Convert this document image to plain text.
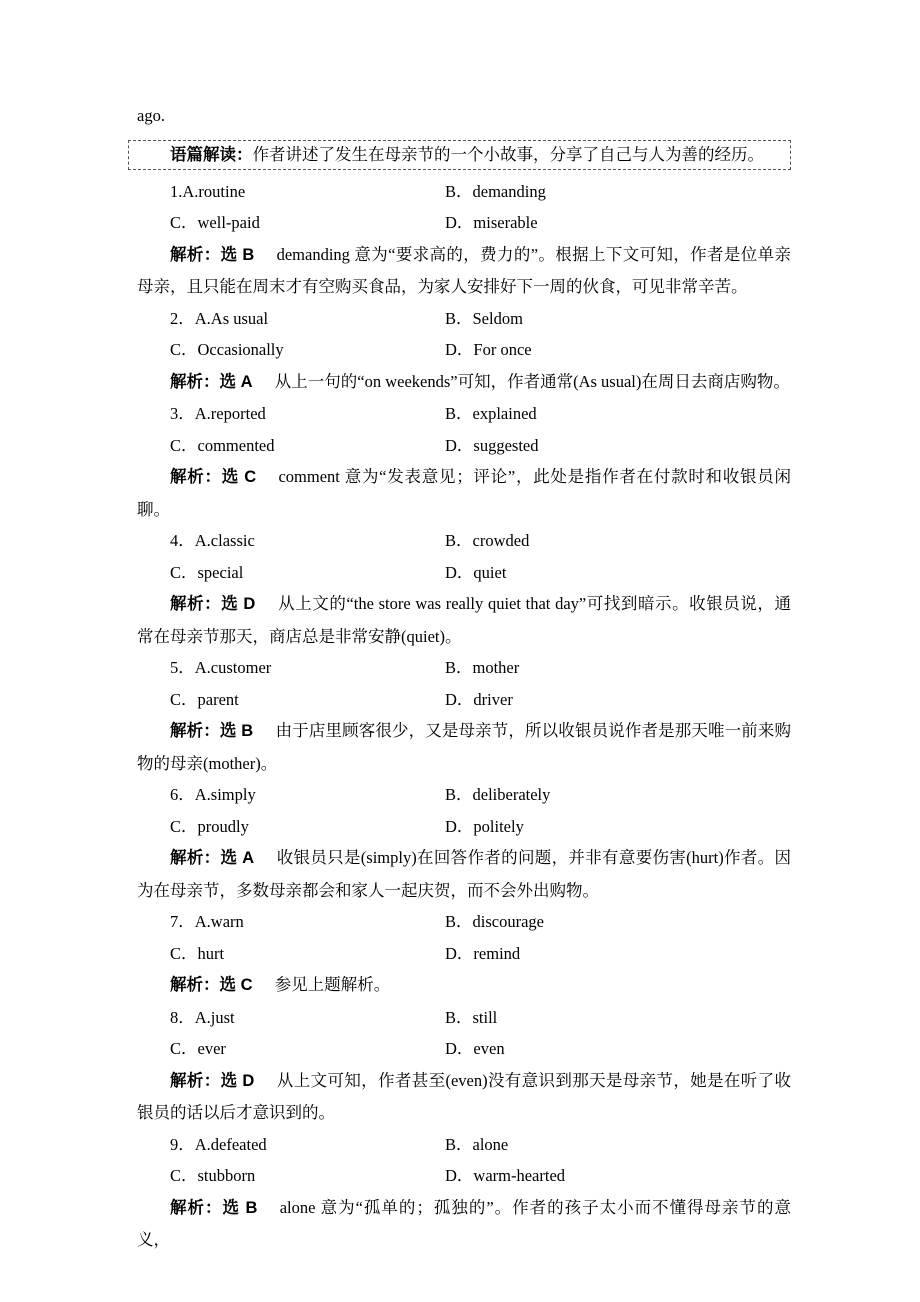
ago.

语篇解读：作者讲述了发生在母亲节的一个小故事，分享了自己与人为善的经历。
1.A.routine	B．demanding
C．well-paid	D．miserable

解析：选 B demanding 意为“要求高的，费力的”。根据上下文可知，作者是位单亲母亲，且只能在周末才有空购买食品，为家人安排好下一周的伙食，可见非常辛苦。

2．A.As usual	B．Seldom
C．Occasionally	D．For once

解析：选 A 从上一句的“on weekends”可知，作者通常(As usual)在周日去商店购物。

3．A.reported	B．explained
C．commented	D．suggested

解析：选 C comment 意为“发表意见；评论”，此处是指作者在付款时和收银员闲聊。

4．A.classic	B．crowded
C．special	D．quiet

解析：选 D 从上文的“the store was really quiet that day”可找到暗示。收银员说，通常在母亲节那天，商店总是非常安静(quiet)。

5．A.customer	B．mother
C．parent	D．driver

解析：选 B 由于店里顾客很少，又是母亲节，所以收银员说作者是那天唯一前来购物的母亲(mother)。

6．A.simply	B．deliberately
C．proudly	D．politely

解析：选 A 收银员只是(simply)在回答作者的问题，并非有意要伤害(hurt)作者。因为在母亲节，多数母亲都会和家人一起庆贺，而不会外出购物。

7．A.warn	B．discourage
C．hurt	D．remind

解析：选 C 参见上题解析。

8．A.just	B．still
C．ever	D．even

解析：选 D 从上文可知，作者甚至(even)没有意识到那天是母亲节，她是在听了收银员的话以后才意识到的。

9．A.defeated	B．alone
C．stubborn	D．warm-hearted

解析：选 B alone 意为“孤单的；孤独的”。作者的孩子太小而不懂得母亲节的意义，
